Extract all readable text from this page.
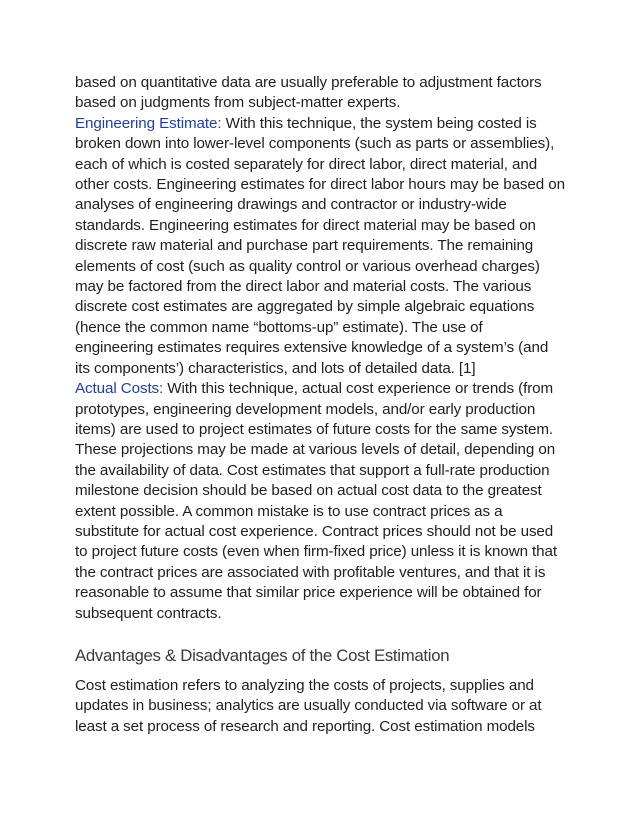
based on quantitative data are usually preferable to adjustment factors based on judgments from subject-matter experts.

Engineering Estimate: With this technique, the system being costed is broken down into lower-level components (such as parts or assemblies), each of which is costed separately for direct labor, direct material, and other costs. Engineering estimates for direct labor hours may be based on analyses of engineering drawings and contractor or industry-wide standards. Engineering estimates for direct material may be based on discrete raw material and purchase part requirements. The remaining elements of cost (such as quality control or various overhead charges) may be factored from the direct labor and material costs. The various discrete cost estimates are aggregated by simple algebraic equations (hence the common name “bottoms-up” estimate). The use of engineering estimates requires extensive knowledge of a system’s (and its components’) characteristics, and lots of detailed data. [1]

Actual Costs: With this technique, actual cost experience or trends (from prototypes, engineering development models, and/or early production items) are used to project estimates of future costs for the same system. These projections may be made at various levels of detail, depending on the availability of data. Cost estimates that support a full-rate production milestone decision should be based on actual cost data to the greatest extent possible. A common mistake is to use contract prices as a substitute for actual cost experience. Contract prices should not be used to project future costs (even when firm-fixed price) unless it is known that the contract prices are associated with profitable ventures, and that it is reasonable to assume that similar price experience will be obtained for subsequent contracts.

Advantages & Disadvantages of the Cost Estimation

Cost estimation refers to analyzing the costs of projects, supplies and updates in business; analytics are usually conducted via software or at least a set process of research and reporting. Cost estimation models
